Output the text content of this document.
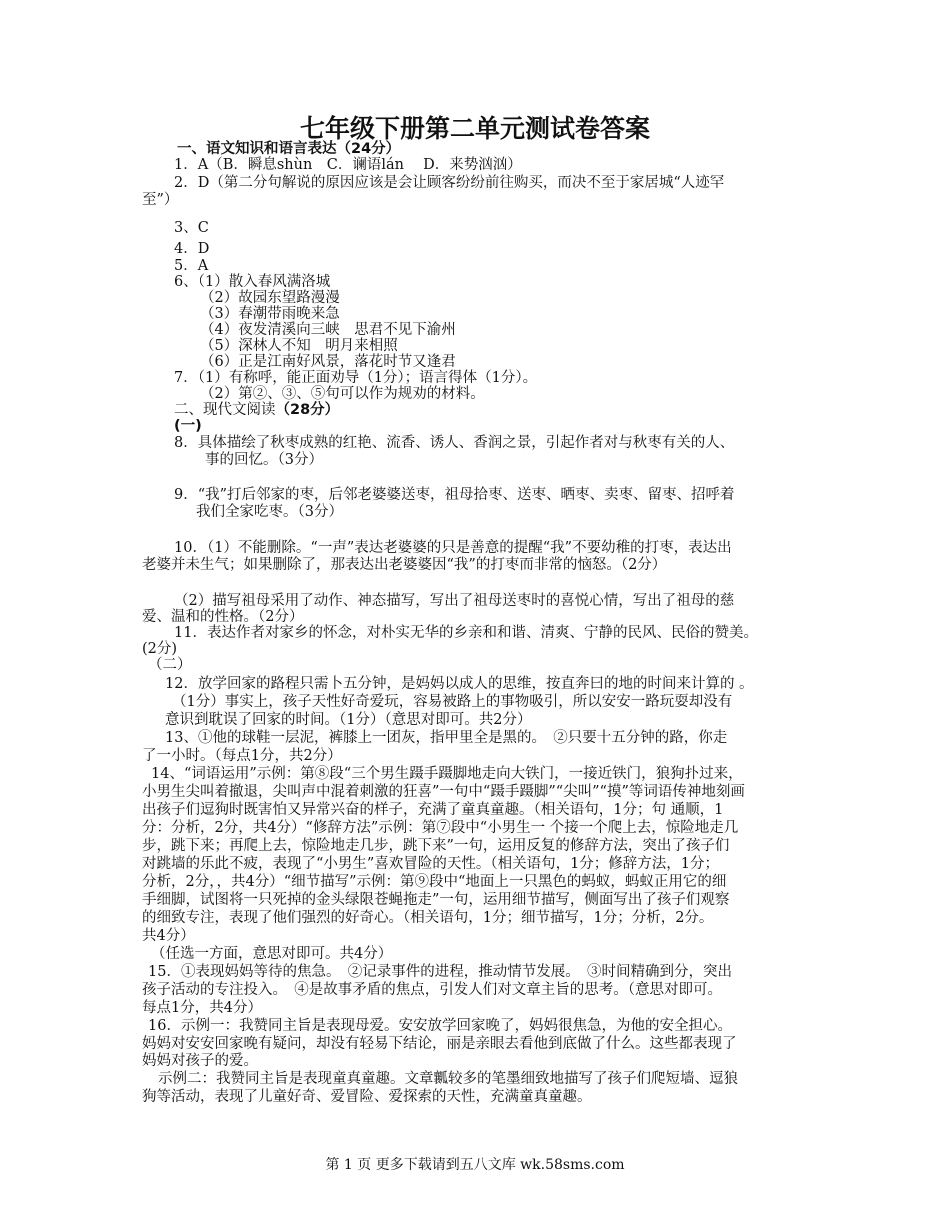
七年级下册第二单元测试卷答案
一、语文知识和语言表达（24分）
1．A（B．瞬息shùn　C．谰语lán　 D．来势汹汹）
2．D（第二分句解说的原因应该是会让顾客纷纷前往购买，而决不至于家居城“人迹罕
至”）
3、C
4．D
5．A
6、（1）散入春风满洛城
（2）故园东望路漫漫
（3）春潮带雨晚来急
（4）夜发清溪向三峡　思君不见下渝州
（5）深林人不知　明月来相照
（6）正是江南好风景，落花时节又逢君
7．（1）有称呼，能正面劝导（1分）；语言得体（1分）。
（2）第②、③、⑤句可以作为规劝的材料。
二、现代文阅读（28分）
(一)
8．具体描绘了秋枣成熟的红艳、流香、诱人、香润之景，引起作者对与秋枣有关的人、
事的回忆。（3分）
9．“我”打后邻家的枣，后邻老婆婆送枣，祖母拾枣、送枣、晒枣、卖枣、留枣、招呼着
我们全家吃枣。（3分）
10．（1）不能删除。“一声”表达老婆婆的只是善意的提醒“我”不要幼稚的打枣，表达出
老婆并未生气；如果删除了，那表达出老婆婆因“我”的打枣而非常的恼怒。（2分）
（2）描写祖母采用了动作、神态描写，写出了祖母送枣时的喜悦心情，写出了祖母的慈
爱、温和的性格。（2分）
11．表达作者对家乡的怀念，对朴实无华的乡亲和和谐、清爽、宁静的民风、民俗的赞美。
(2分)
（二）
12．放学回家的路程只需卜五分钟，是妈妈以成人的思维，按直奔曰的地的时间来计算的 。
（1分）事实上，孩子天性好奇爱玩，容易被路上的事物吸引，所以安安一路玩耍却没有
意识到耽误了回家的时间。（1分）（意思对即可。共2分）
13、①他的球鞋一层泥，裤膝上一团灰，指甲里全是黑的。　②只要十五分钟的路，你走
了一小时。（每点1分，共2分）
14、“词语运用”示例：第⑧段“三个男生蹑手蹑脚地走向大铁门，一接近铁门，狼狗扑过来，
小男生尖叫着撤退，尖叫声中混着刺激的狂喜”一句中“蹑手蹑脚”“尖叫”“摸”等词语传神地刻画
出孩子们逗狗时既害怕又异常兴奋的样子，充满了童真童趣。（相关语句，1分；句 通顺，1
分：分析，2分，共4分）“修辞方法”示例：第⑦段中“小男生一 个接一个爬上去，惊险地走几
步，跳下来；再爬上去，惊险地走几步，跳下来”一句，运用反复的修辞方法，突出了孩子们
对跳墙的乐此不疲，表现了“小男生”喜欢冒险的天性。（相关语句，1分；修辞方法，1分；
分析，2分，，共4分）“细节描写”示例：第⑨段中“地面上一只黑色的蚂蚁，蚂蚁正用它的细
手细脚，试图将一只死掉的金头绿限苍蝇拖走”一句，运用细节描写，侧面写出了孩子们观察
的细致专注，表现了他们强烈的好奇心。（相关语句，1分；细节描写，1分；分析，2分。
共4分）
（任选一方面，意思对即可。共4分）
15．①表现妈妈等待的焦急。　②记录事件的进程，推动情节发展。　③时间精确到分，突出
孩子活动的专注投入。　④是故事矛盾的焦点，引发人们对文章主旨的思考。（意思对即可。
每点1分，共4分）
16．示例一：我赞同主旨是表现母爱。安安放学回家晚了，妈妈很焦急，为他的安全担心。
妈妈对安安回家晚有疑问，却没有轻易下结论，丽是亲眼去看他到底做了什么。这些都表现了
妈妈对孩子的爱。
示例二：我赞同主旨是表现童真童趣。文章瓤较多的笔墨细致地描写了孩子们爬短墙、逗狼
狗等活动，表现了儿童好奇、爱冒险、爱探索的天性，充满童真童趣。
第 1 页 更多下载请到五八文库 wk.58sms.com
